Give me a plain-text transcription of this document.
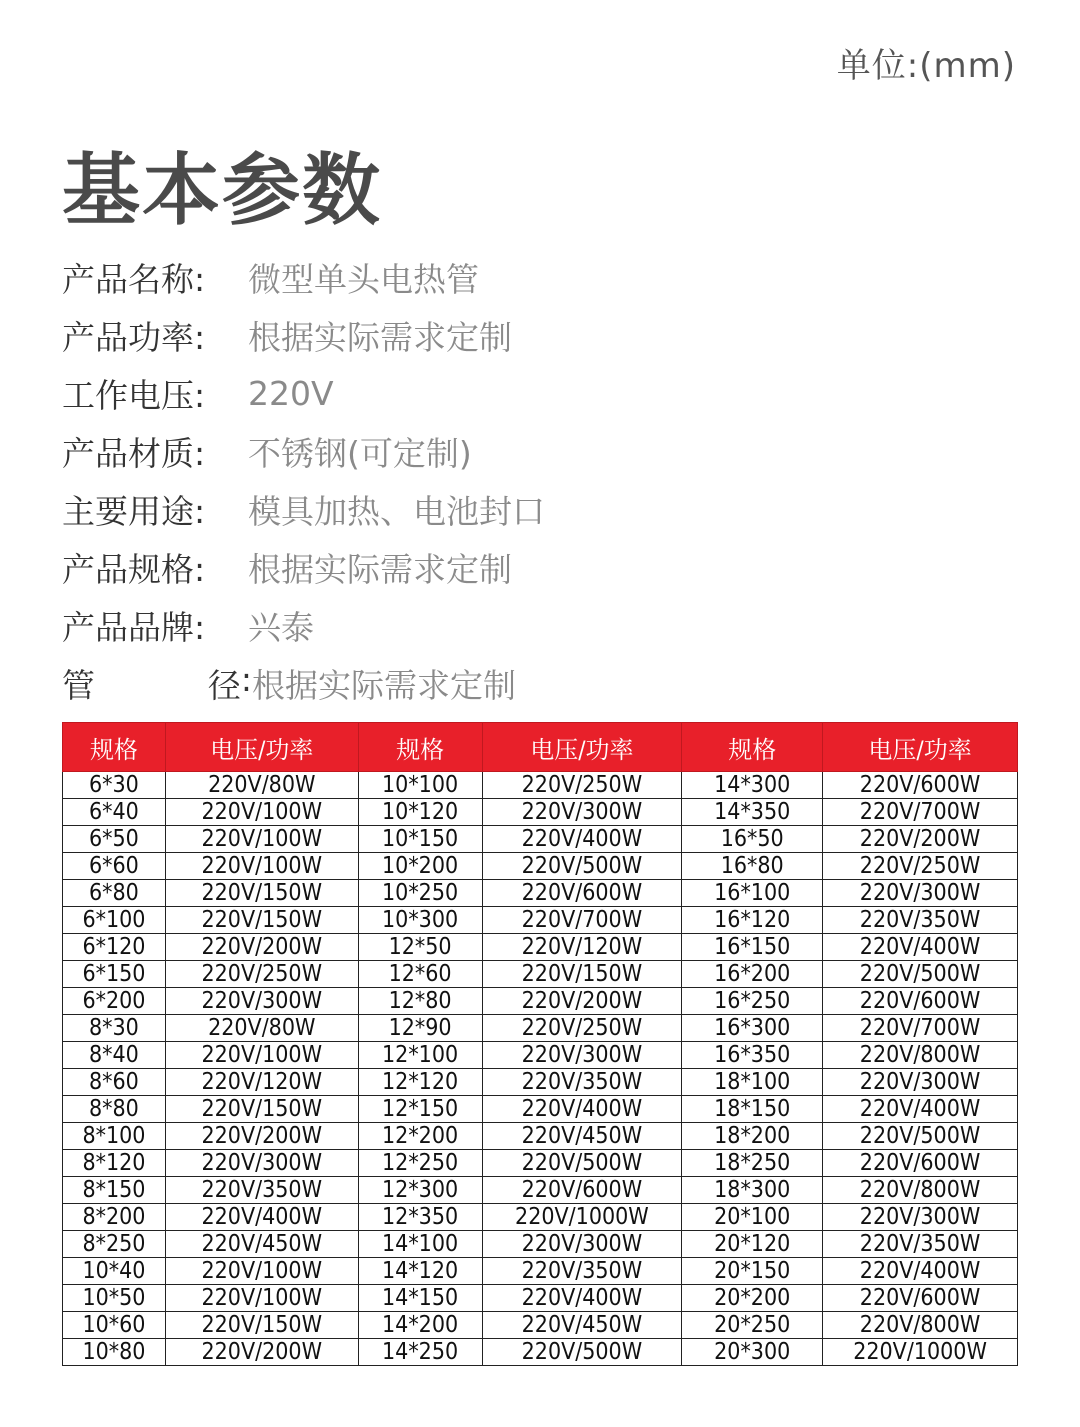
单位:(mm)
基本参数
产品名称:	微型单头电热管
产品功率:	根据实际需求定制
工作电压:	220V
产品材质:	不锈钢(可定制)
主要用途:	模具加热、电池封口
产品规格:	根据实际需求定制
产品品牌:	兴泰
管	径 : 根据实际需求定制
规格	电压/功率	规格	电压/功率	规格	电压/功率
6*30	220V/80W	10*100	220V/250W	14*300	220V/600W
6*40	220V/100W	10*120	220V/300W	14*350	220V/700W
6*50	220V/100W	10*150	220V/400W	16*50	220V/200W
6*60	220V/100W	10*200	220V/500W	16*80	220V/250W
6*80	220V/150W	10*250	220V/600W	16*100	220V/300W
6*100	220V/150W	10*300	220V/700W	16*120	220V/350W
6*120	220V/200W	12*50	220V/120W	16*150	220V/400W
6*150	220V/250W	12*60	220V/150W	16*200	220V/500W
6*200	220V/300W	12*80	220V/200W	16*250	220V/600W
8*30	220V/80W	12*90	220V/250W	16*300	220V/700W
8*40	220V/100W	12*100	220V/300W	16*350	220V/800W
8*60	220V/120W	12*120	220V/350W	18*100	220V/300W
8*80	220V/150W	12*150	220V/400W	18*150	220V/400W
8*100	220V/200W	12*200	220V/450W	18*200	220V/500W
8*120	220V/300W	12*250	220V/500W	18*250	220V/600W
8*150	220V/350W	12*300	220V/600W	18*300	220V/800W
8*200	220V/400W	12*350	220V/1000W	20*100	220V/300W
8*250	220V/450W	14*100	220V/300W	20*120	220V/350W
10*40	220V/100W	14*120	220V/350W	20*150	220V/400W
10*50	220V/100W	14*150	220V/400W	20*200	220V/600W
10*60	220V/150W	14*200	220V/450W	20*250	220V/800W
10*80	220V/200W	14*250	220V/500W	20*300	220V/1000W
